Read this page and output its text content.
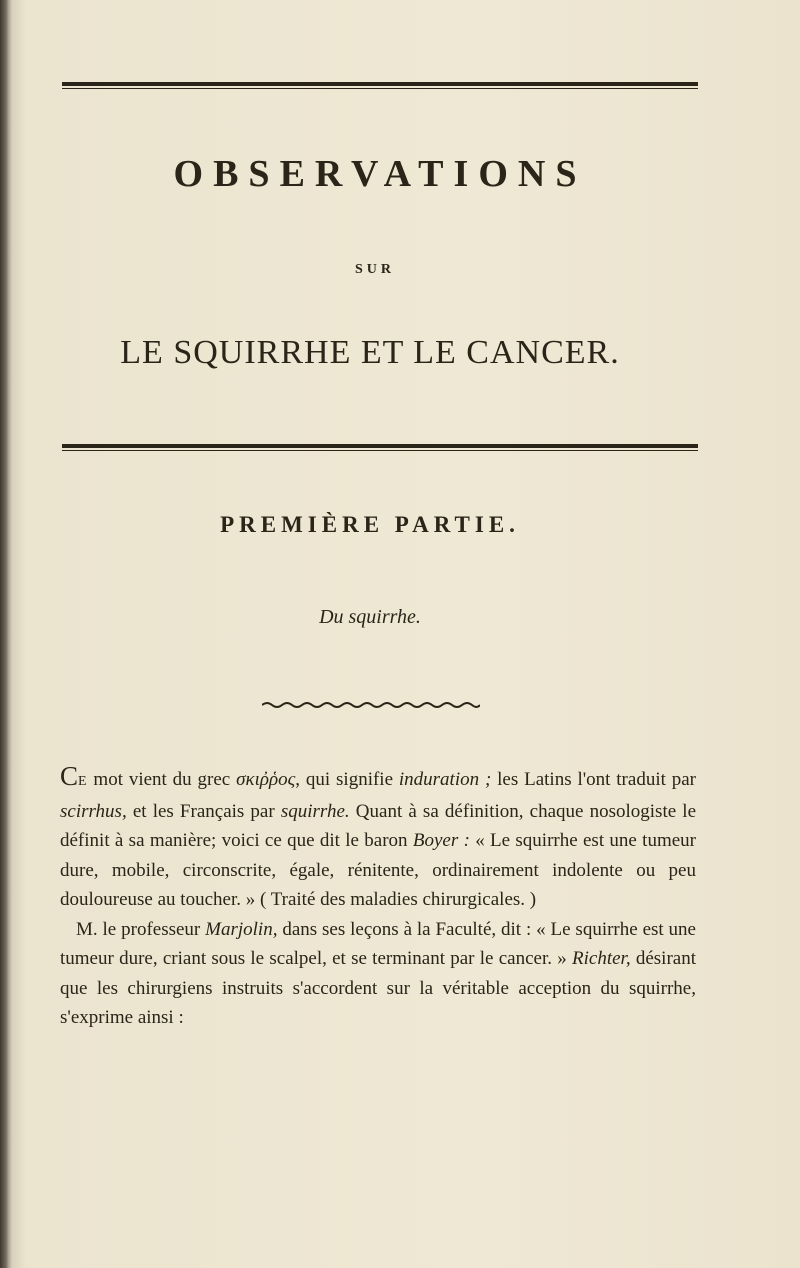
OBSERVATIONS
SUR
LE SQUIRRHE ET LE CANCER.
PREMIÈRE PARTIE.
Du squirrhe.

CE mot vient du grec σκιῤῥος, qui signifie induration ; les Latins l'ont traduit par scirrhus, et les Français par squirrhe. Quant à sa définition, chaque nosologiste le définit à sa manière; voici ce que dit le baron Boyer : « Le squirrhe est une tumeur dure, mobile, circonscrite, égale, rénitente, ordinairement indolente ou peu douloureuse au toucher. » ( Traité des maladies chirurgicales. )

M. le professeur Marjolin, dans ses leçons à la Faculté, dit : « Le squirrhe est une tumeur dure, criant sous le scalpel, et se terminant par le cancer. » Richter, désirant que les chirurgiens instruits s'accordent sur la véritable acception du squirrhe, s'exprime ainsi :
